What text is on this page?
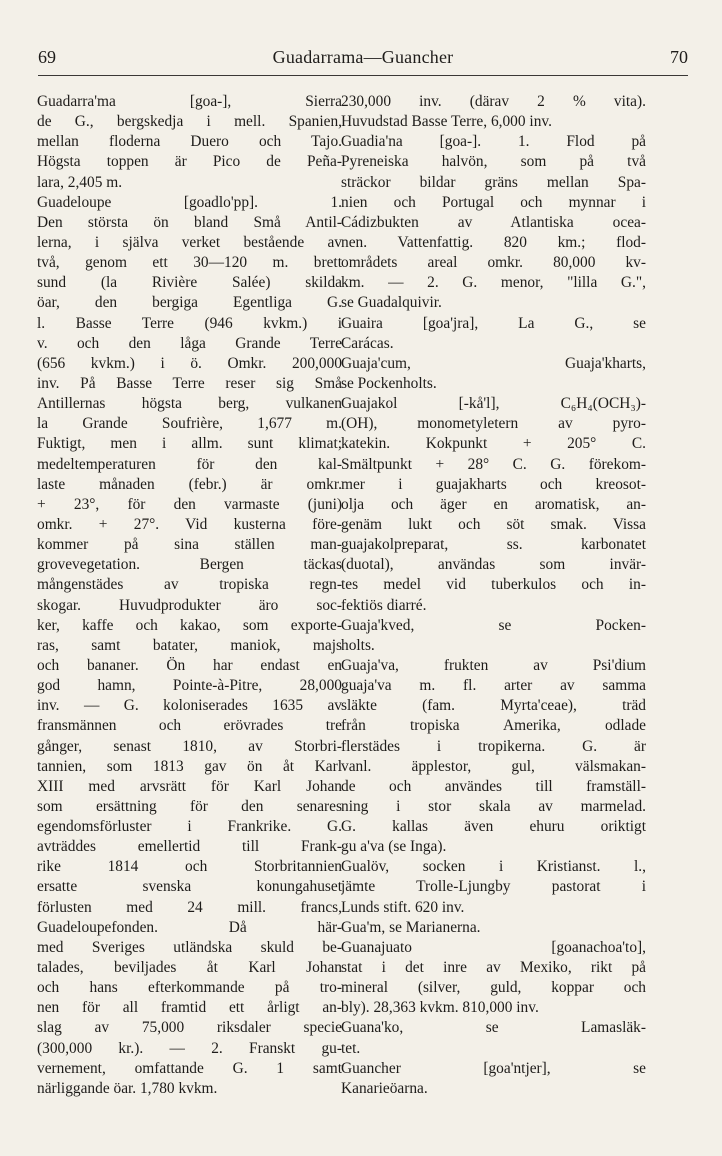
69	Guadarrama—Guancher	70
Guadarra'ma [goa-], Sierra
de G., bergskedja i mell. Spanien,
mellan floderna Duero och Tajo.
Högsta toppen är Pico de Peña-
lara, 2,405 m.
Guadeloupe [goadlo'pp]. 1.
Den största ön bland Små Antil-
lerna, i själva verket bestående av
två, genom ett 30—120 m. brett
sund (la Rivière Salée) skilda
öar, den bergiga Egentliga G.
l. Basse Terre (946 kvkm.) i
v. och den låga Grande Terre
(656 kvkm.) i ö. Omkr. 200,000
inv. På Basse Terre reser sig Små
Antillernas högsta berg, vulkanen
la Grande Soufrière, 1,677 m.
Fuktigt, men i allm. sunt klimat;
medeltemperaturen för den kal-
laste månaden (febr.) är omkr.
+ 23°, för den varmaste (juni)
omkr. + 27°. Vid kusterna före-
kommer på sina ställen man-
grovevegetation. Bergen täckas
mångenstädes av tropiska regn-
skogar. Huvudprodukter äro soc-
ker, kaffe och kakao, som exporte-
ras, samt batater, maniok, majs
och bananer. Ön har endast en
god hamn, Pointe-à-Pitre, 28,000
inv. — G. koloniserades 1635 av
fransmännen och erövrades tre
gånger, senast 1810, av Storbri-
tannien, som 1813 gav ön åt Karl
XIII med arvsrätt för Karl Johan
som ersättning för den senares
egendomsförluster i Frankrike. G.
avträddes emellertid till Frank-
rike 1814 och Storbritannien
ersatte svenska konungahuset
förlusten med 24 mill. francs,
Guadeloupefonden. Då här-
med Sveriges utländska skuld be-
talades, beviljades åt Karl Johan
och hans efterkommande på tro-
nen för all framtid ett årligt an-
slag av 75,000 riksdaler specie
(300,000 kr.). — 2. Franskt gu-
vernement, omfattande G. 1 samt
närliggande öar. 1,780 kvkm.
230,000 inv. (därav 2 % vita).
Huvudstad Basse Terre, 6,000 inv.
Guadia'na [goa-]. 1. Flod på
Pyreneiska halvön, som på två
sträckor bildar gräns mellan Spa-
nien och Portugal och mynnar i
Cádizbukten av Atlantiska ocea-
nen. Vattenfattig. 820 km.; flod-
områdets areal omkr. 80,000 kv-
km. — 2. G. menor, "lilla G.",
se Guadalquivir.
Guaira [goa'jra], La G., se
Carácas.
Guaja'cum, Guaja'kharts,
se Pockenholts.
Guajakol [-kå'l], C₆H₄(OCH₃)-
(OH), monometyletern av pyro-
katekin. Kokpunkt + 205° C.
Smältpunkt + 28° C. G. förekom-
mer i guajakharts och kreosot-
olja och äger en aromatisk, an-
genäm lukt och söt smak. Vissa
guajakolpreparat, ss. karbonatet
(duotal), användas som invär-
tes medel vid tuberkulos och in-
fektiös diarré.
Guaja'kved, se Pocken-
holts.
Guaja'va, frukten av Psi'dium
guaja'va m. fl. arter av samma
släkte (fam. Myrta'ceae), träd
från tropiska Amerika, odlade
flerstädes i tropikerna. G. är
vanl. äpplestor, gul, välsmakan-
de och användes till framställ-
ning i stor skala av marmelad.
G. kallas även ehuru oriktigt
gu a'va (se Inga).
Gualöv, socken i Kristianst. l.,
jämte Trolle-Ljungby pastorat i
Lunds stift. 620 inv.
Gua'm, se Marianerna.
Guanajuato [goanachoa'to],
stat i det inre av Mexiko, rikt på
mineral (silver, guld, koppar och
bly). 28,363 kvkm. 810,000 inv.
Guana'ko, se Lamasläk-
tet.
Guancher [goa'ntjer], se
Kanarieöarna.
